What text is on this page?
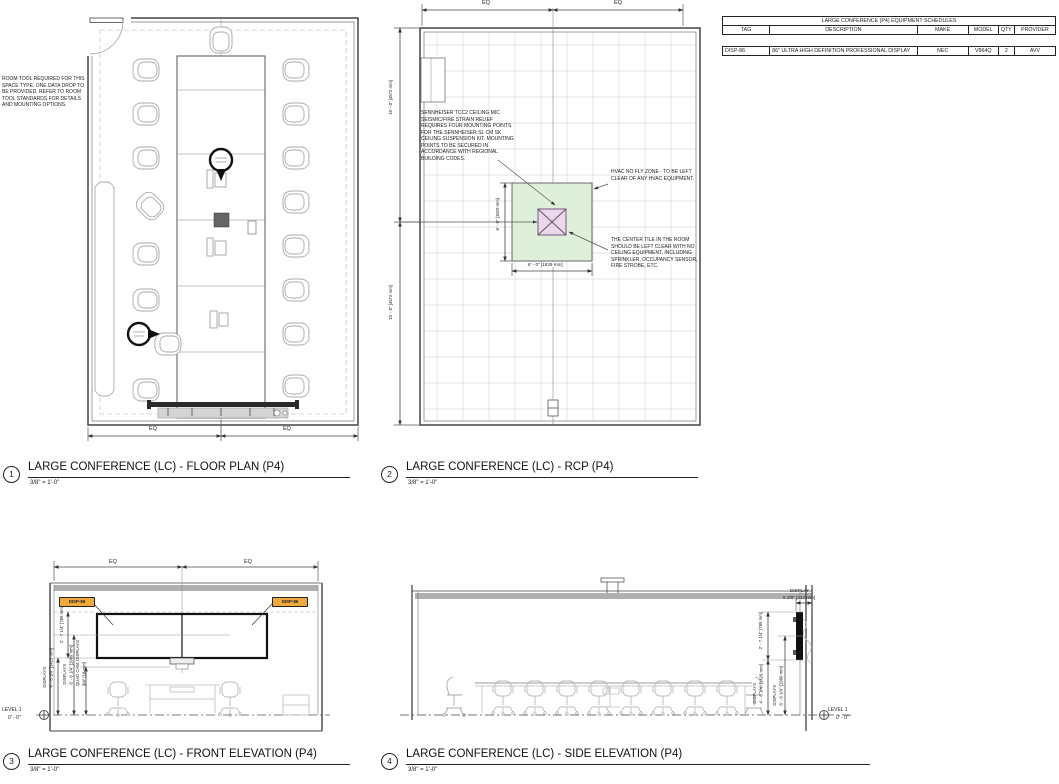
ROOM TOOL REQUIRED FOR THIS SPACE TYPE. ONE DATA DROP TO BE PROVIDED. REFER TO ROOM TOOL STANDARDS FOR DETAILS AND MOUNTING OPTIONS.
EQ	EQ
EQ	EQ
15' - 0" [4572 mm]
15' - 0" [4572 mm]
SENNHEISER TCC2 CEILING MIC SEISMIC/FIRE STRAIN RELIEF REQUIRES FOUR MOUNTING POINTS FOR THE SENNHEISER SL CM SK CEILING SUSPENSION KIT. MOUNTING POINTS TO BE SECURED IN ACCORDANCE WITH REGIONAL BUILDING CODES.
HVAC NO FLY ZONE - TO BE LEFT CLEAR OF ANY HVAC EQUIPMENT.
THE CENTER TILE IN THE ROOM SHOULD BE LEFT CLEAR WITH NO CEILING EQUIPMENT, INCLUDING SPRINKLER, OCCUPANCY SENSOR, FIRE STROBE, ETC.
6' - 0" [1829 mm]
6' - 0" [1829 mm]
EQ	EQ
DISP-86	DISP-86
2' - 7 1/4" [789 mm]
DISPLAYS 4' - 8 1/4" [1429 mm]	DISPLAYS 6' - 6 1/4" [1989 mm] QUAD CAM, DISPLAYS 3/4" [18 mm]
LEVEL 1
0' - 0"
DISPLAY
8 3/8" [212 mm]
2' - 7 1/4" [789 mm]
DISPLAYS 4' - 8 1/4" [1429 mm]	DISPLAYS 6' - 6 1/4" [1989 mm]
LEVEL 1
0' - 0"
LARGE CONFERENCE (P4) EQUIPMENT SCHEDULES
TAG	DESCRIPTION	MAKE	MODEL	QTY	PROVIDER
DISP-86	86" ULTRA HIGH DEFINITION PROFESSIONAL DISPLAY	NEC	V864Q	2	AVV
1
LARGE CONFERENCE (LC) - FLOOR PLAN (P4)
3/8" = 1'-0"
2
LARGE CONFERENCE (LC) - RCP (P4)
3/8" = 1'-0"
3
LARGE CONFERENCE (LC) - FRONT ELEVATION (P4)
3/8" = 1'-0"
4
LARGE CONFERENCE (LC) - SIDE ELEVATION (P4)
3/8" = 1'-0"
